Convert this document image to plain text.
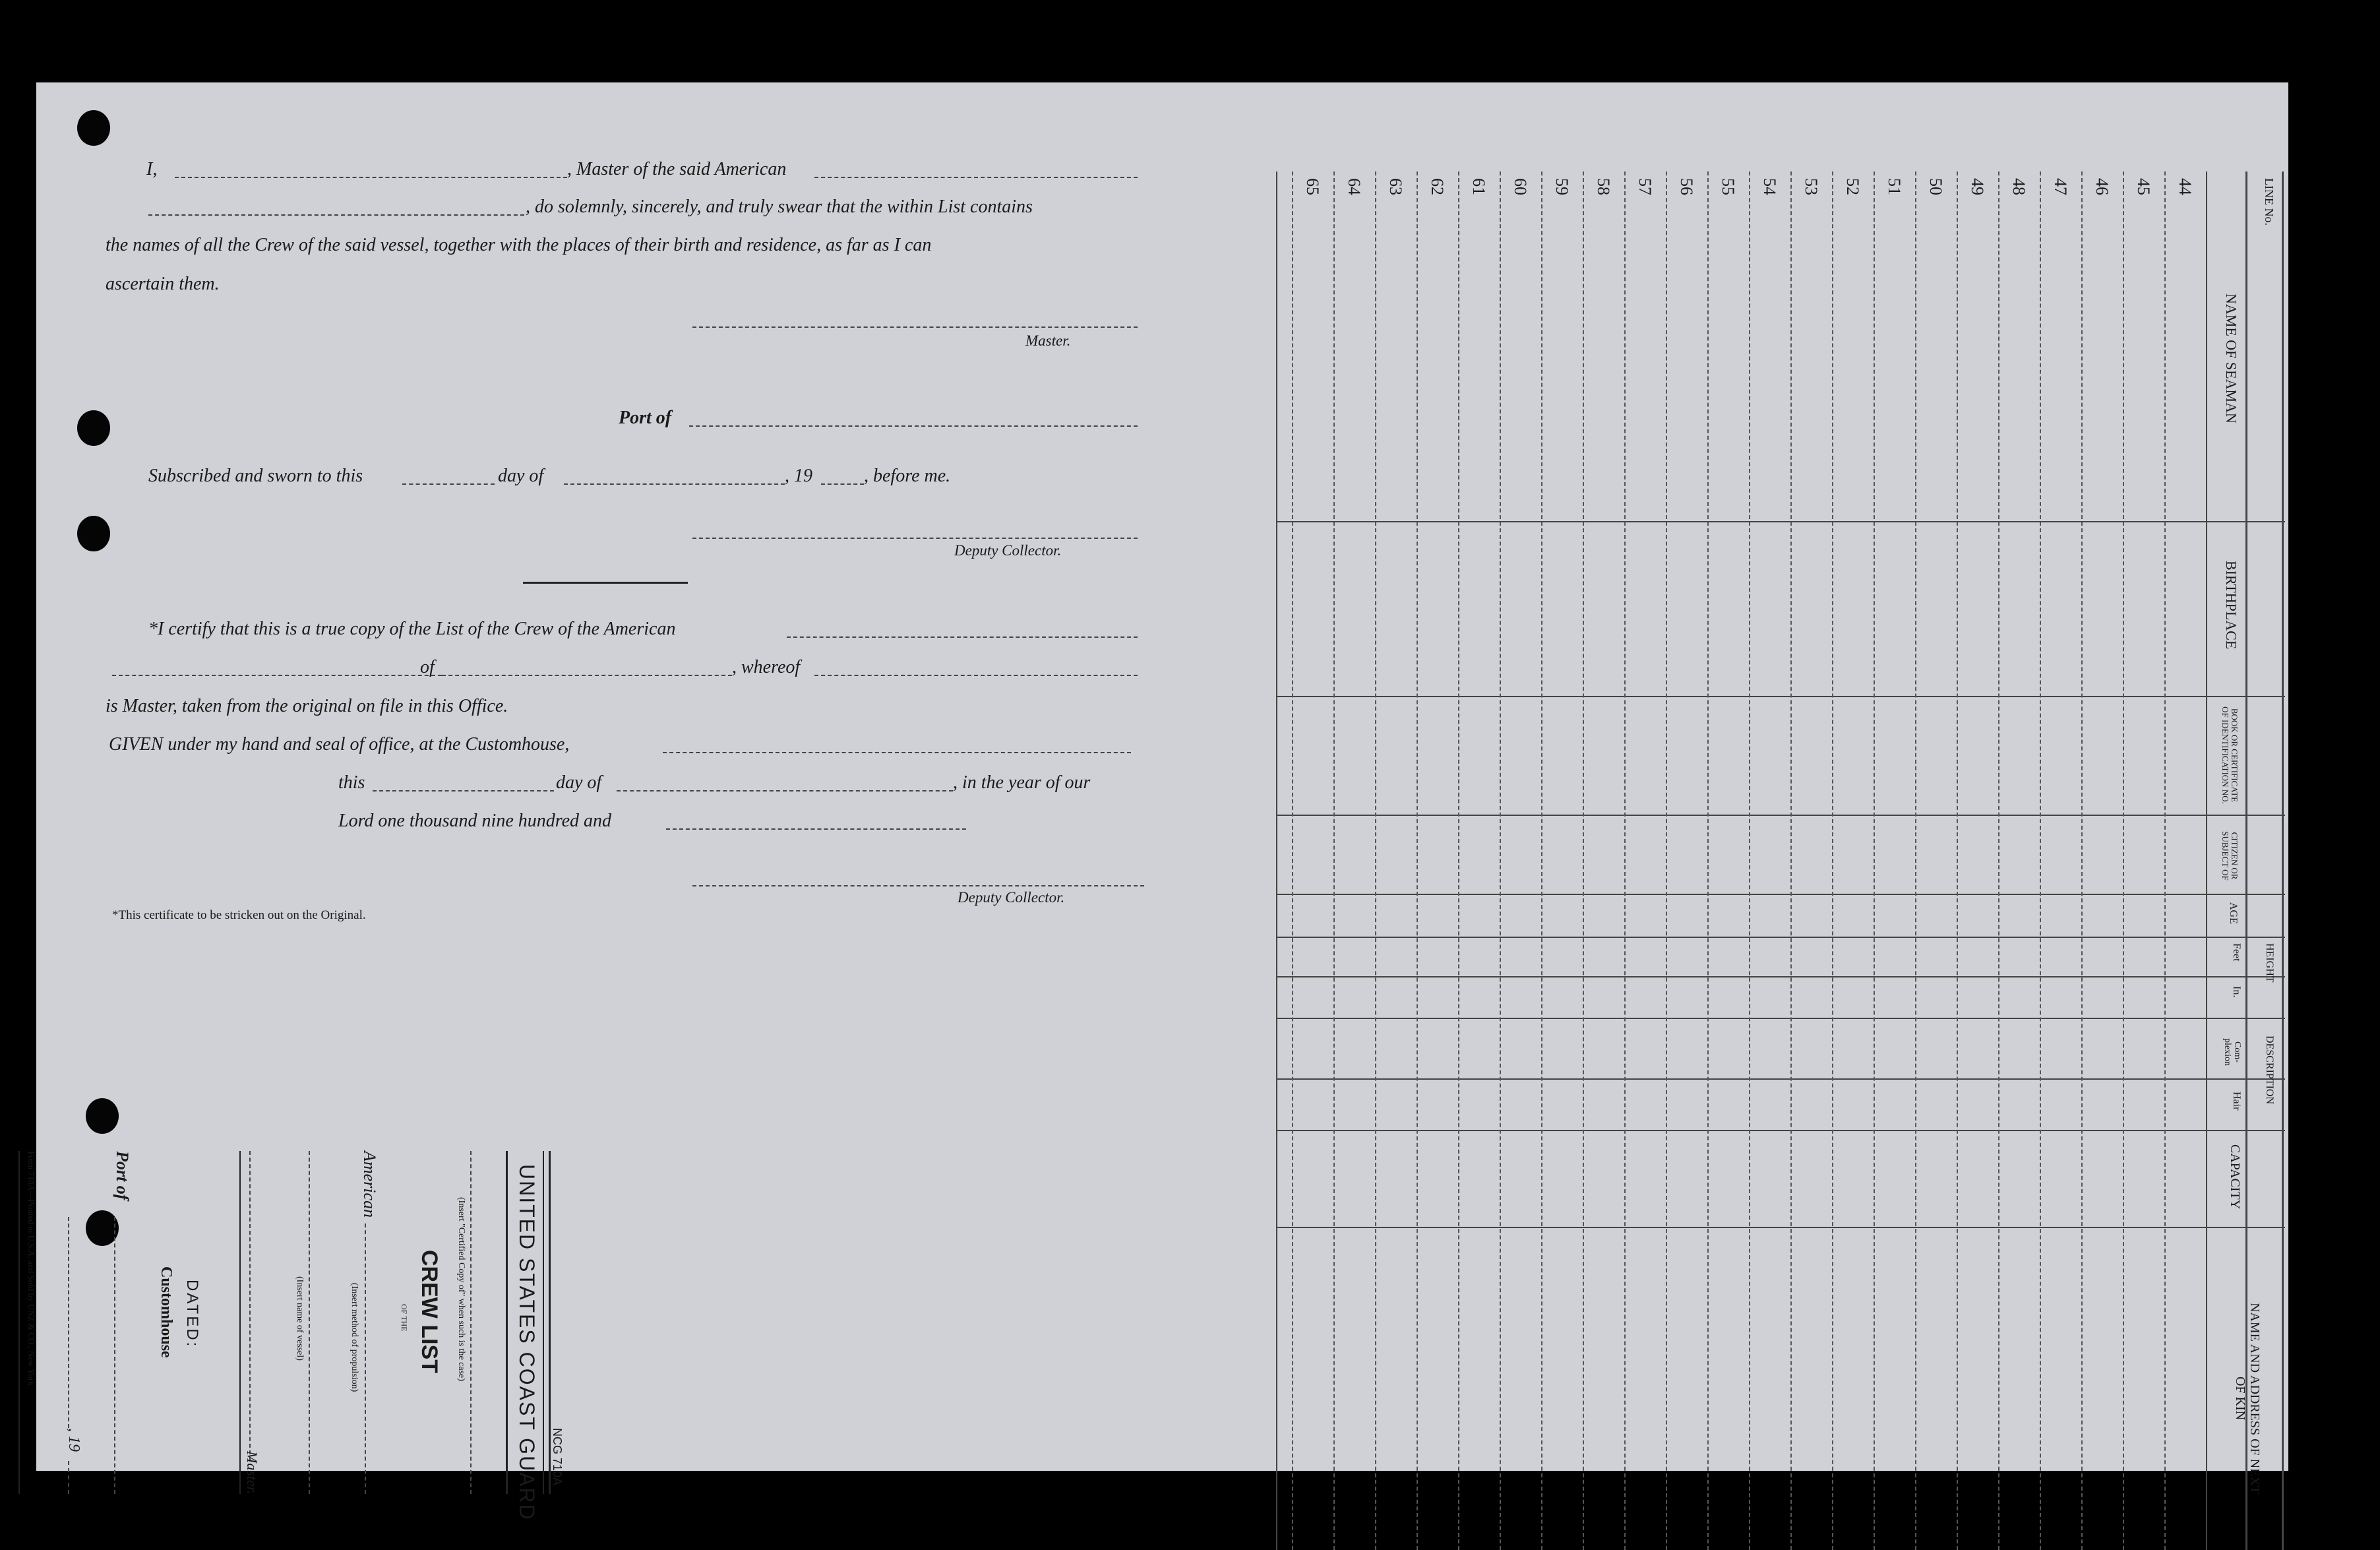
I,	, Master of the said American
, do solemnly, sincerely, and truly swear that the within List contains
the names of all the Crew of the said vessel, together with the places of their birth and residence, as far as I can
ascertain them.
Master.
Port of
Subscribed and sworn to this	day of	, 19	, before me.
Deputy Collector.
*I certify that this is a true copy of the List of the Crew of the American
of	, whereof
is Master, taken from the original on file in this Office.
GIVEN under my hand and seal of office, at the Customhouse,
this	day of	, in the year of our
Lord one thousand nine hundred and
Deputy Collector.
*This certificate to be stricken out on the Original.
NCG 710A
UNITED STATES COAST GUARD
(Insert "Certified Copy of" when such is the case)
CREW LIST
OF THE
American
(Insert method of propulsion)
(Insert name of vessel)
Master.
DATED:
Customhouse
Port of
, 19
Form 710A—Printed in U.S.A. and Sold by UNZ & CO., New York
LINE No.
NAME OF SEAMAN
BIRTHPLACE
BOOK OR CERTIFICATE OF IDENTIFICATION NO.
CITIZEN OR SUBJECT OF
AGE
HEIGHT
Feet
In.
DESCRIPTION
Com-plexion
Hair
CAPACITY
NAME AND ADDRESS OF NEXT OF KIN
44
45
46
47
48
49
50
51
52
53
54
55
56
57
58
59
60
61
62
63
64
65
